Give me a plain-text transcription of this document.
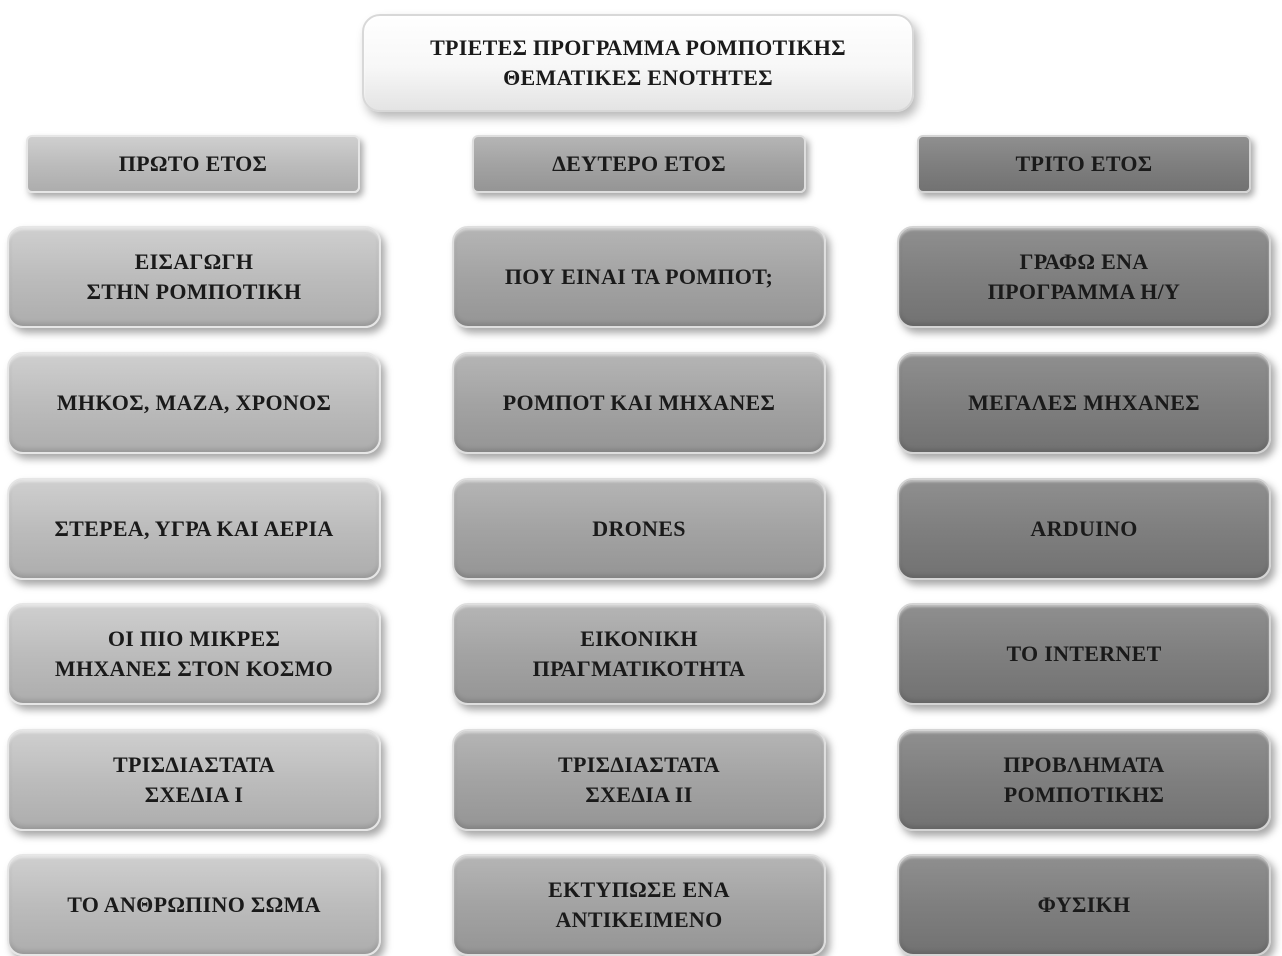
ΤΡΙΕΤΕΣ ΠΡΟΓΡΑΜΜΑ ΡΟΜΠΟΤΙΚΗΣ
ΘΕΜΑΤΙΚΕΣ ΕΝΟΤΗΤΕΣ
ΠΡΩΤΟ ΕΤΟΣ	ΔΕΥΤΕΡΟ ΕΤΟΣ	ΤΡΙΤΟ ΕΤΟΣ
ΕΙΣΑΓΩΓΗ
ΣΤΗΝ ΡΟΜΠΟΤΙΚΗ
ΜΗΚΟΣ, ΜΑΖΑ, ΧΡΟΝΟΣ
ΣΤΕΡΕΑ, ΥΓΡΑ ΚΑΙ ΑΕΡΙΑ
ΟΙ ΠΙΟ ΜΙΚΡΕΣ
ΜΗΧΑΝΕΣ ΣΤΟΝ ΚΟΣΜΟ
ΤΡΙΣΔΙΑΣΤΑΤΑ
ΣΧΕΔΙΑ Ι
ΤΟ ΑΝΘΡΩΠΙΝΟ ΣΩΜΑ
ΠΟΥ ΕΙΝΑΙ ΤΑ ΡΟΜΠΟΤ;
ΡΟΜΠΟΤ ΚΑΙ ΜΗΧΑΝΕΣ
DRONES
ΕΙΚΟΝΙΚΗ
ΠΡΑΓΜΑΤΙΚΟΤΗΤΑ
ΤΡΙΣΔΙΑΣΤΑΤΑ
ΣΧΕΔΙΑ ΙΙ
ΕΚΤΥΠΩΣΕ ΕΝΑ
ΑΝΤΙΚΕΙΜΕΝΟ
ΓΡΑΦΩ ΕΝΑ
ΠΡΟΓΡΑΜΜΑ Η/Υ
ΜΕΓΑΛΕΣ ΜΗΧΑΝΕΣ
ARDUINO
ΤΟ INTERNET
ΠΡΟΒΛΗΜΑΤΑ
ΡΟΜΠΟΤΙΚΗΣ
ΦΥΣΙΚΗ
